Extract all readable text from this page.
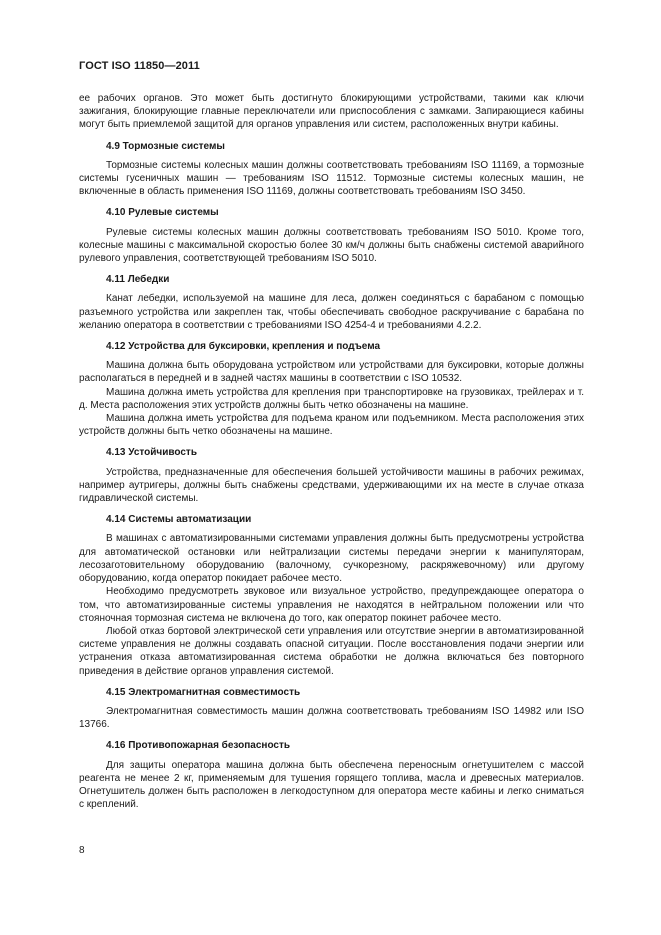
ГОСТ ISO 11850—2011

ее рабочих органов. Это может быть достигнуто блокирующими устройствами, такими как ключи зажигания, блокирующие главные переключатели или приспособления с замками. Запирающиеся кабины могут быть приемлемой защитой для органов управления или систем, расположенных внутри кабины.

4.9 Тормозные системы

Тормозные системы колесных машин должны соответствовать требованиям ISO 11169, а тормозные системы гусеничных машин — требованиям ISO 11512. Тормозные системы колесных машин, не включенные в область применения ISO 11169, должны соответствовать требованиям ISO 3450.

4.10 Рулевые системы

Рулевые системы колесных машин должны соответствовать требованиям ISO 5010. Кроме того, колесные машины с максимальной скоростью более 30 км/ч должны быть снабжены системой аварийного рулевого управления, соответствующей требованиям ISO 5010.

4.11 Лебедки

Канат лебедки, используемой на машине для леса, должен соединяться с барабаном с помощью разъемного устройства или закреплен так, чтобы обеспечивать свободное раскручивание с барабана по желанию оператора в соответствии с требованиями ISO 4254-4 и требованиями 4.2.2.

4.12 Устройства для буксировки, крепления и подъема

Машина должна быть оборудована устройством или устройствами для буксировки, которые должны располагаться в передней и в задней частях машины в соответствии с ISO 10532.

Машина должна иметь устройства для крепления при транспортировке на грузовиках, трейлерах и т. д. Места расположения этих устройств должны быть четко обозначены на машине.

Машина должна иметь устройства для подъема краном или подъемником. Места расположения этих устройств должны быть четко обозначены на машине.

4.13 Устойчивость

Устройства, предназначенные для обеспечения большей устойчивости машины в рабочих режимах, например аутригеры, должны быть снабжены средствами, удерживающими их на месте в случае отказа гидравлической системы.

4.14 Системы автоматизации

В машинах с автоматизированными системами управления должны быть предусмотрены устройства для автоматической остановки или нейтрализации системы передачи энергии к манипуляторам, лесозаготовительному оборудованию (валочному, сучкорезному, раскряжевочному) или другому оборудованию, когда оператор покидает рабочее место.

Необходимо предусмотреть звуковое или визуальное устройство, предупреждающее оператора о том, что автоматизированные системы управления не находятся в нейтральном положении или что стояночная тормозная система не включена до того, как оператор покинет рабочее место.

Любой отказ бортовой электрической сети управления или отсутствие энергии в автоматизированной системе управления не должны создавать опасной ситуации. После восстановления подачи энергии или устранения отказа автоматизированная система обработки не должна включаться без повторного приведения в действие органов управления системой.

4.15 Электромагнитная совместимость

Электромагнитная совместимость машин должна соответствовать требованиям ISO 14982 или ISO 13766.

4.16 Противопожарная безопасность

Для защиты оператора машина должна быть обеспечена переносным огнетушителем с массой реагента не менее 2 кг, применяемым для тушения горящего топлива, масла и древесных материалов. Огнетушитель должен быть расположен в легкодоступном для оператора месте кабины и легко сниматься с креплений.

8
